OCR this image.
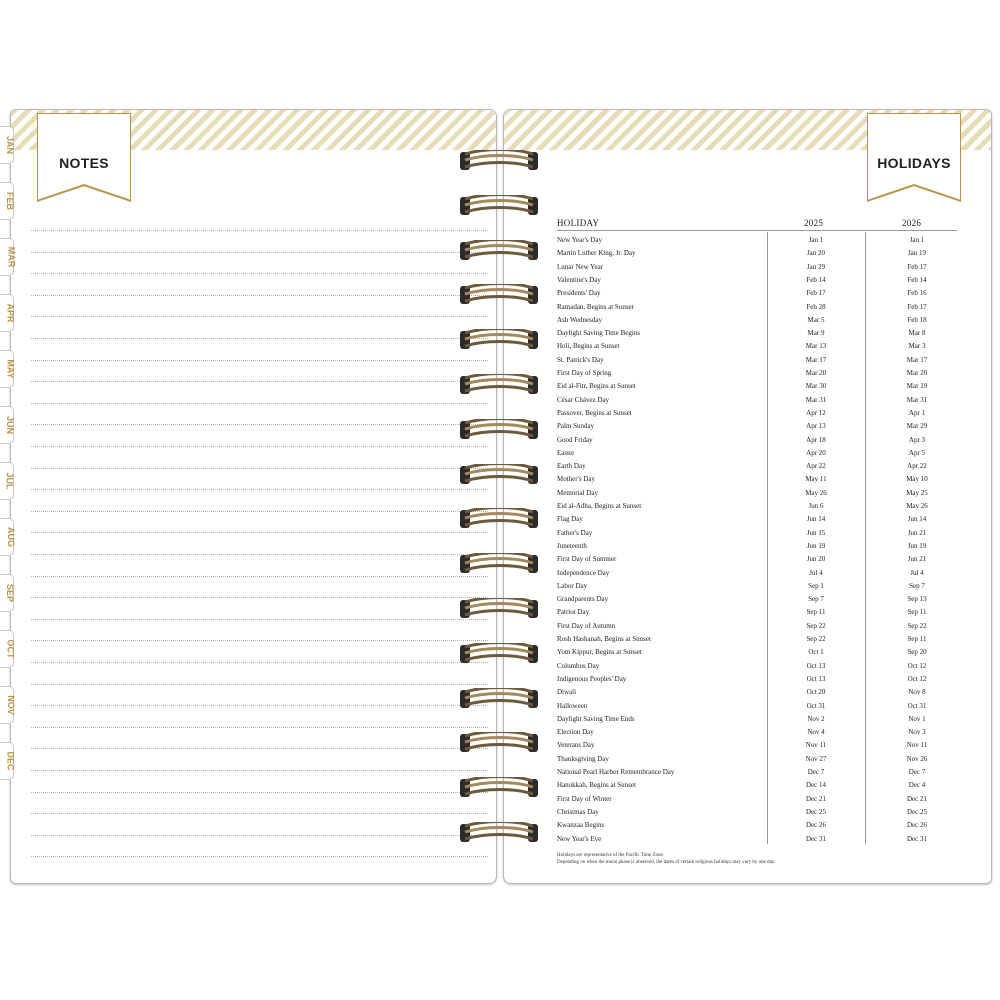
NOTES
JAN
FEB
MAR
APR
MAY
JUN
JUL
AUG
SEP
OCT
NOV
DEC
HOLIDAYS
HOLIDAY	2025	2026
New Year's Day	Jan 1	Jan 1
Martin Luther King, Jr. Day	Jan 20	Jan 19
Lunar New Year	Jan 29	Feb 17
Valentine's Day	Feb 14	Feb 14
Presidents' Day	Feb 17	Feb 16
Ramadan, Begins at Sunset	Feb 28	Feb 17
Ash Wednesday	Mar 5	Feb 18
Daylight Saving Time Begins	Mar 9	Mar 8
Holi, Begins at Sunset	Mar 13	Mar 3
St. Patrick's Day	Mar 17	Mar 17
First Day of Spring	Mar 20	Mar 20
Eid al-Fitr, Begins at Sunset	Mar 30	Mar 19
César Chávez Day	Mar 31	Mar 31
Passover, Begins at Sunset	Apr 12	Apr 1
Palm Sunday	Apr 13	Mar 29
Good Friday	Apr 18	Apr 3
Easter	Apr 20	Apr 5
Earth Day	Apr 22	Apr 22
Mother's Day	May 11	May 10
Memorial Day	May 26	May 25
Eid al-Adha, Begins at Sunset	Jun 6	May 26
Flag Day	Jun 14	Jun 14
Father's Day	Jun 15	Jun 21
Juneteenth	Jun 19	Jun 19
First Day of Summer	Jun 20	Jun 21
Independence Day	Jul 4	Jul 4
Labor Day	Sep 1	Sep 7
Grandparents Day	Sep 7	Sep 13
Patriot Day	Sep 11	Sep 11
First Day of Autumn	Sep 22	Sep 22
Rosh Hashanah, Begins at Sunset	Sep 22	Sep 11
Yom Kippur, Begins at Sunset	Oct 1	Sep 20
Columbus Day	Oct 13	Oct 12
Indigenous Peoples' Day	Oct 13	Oct 12
Diwali	Oct 20	Nov 8
Halloween	Oct 31	Oct 31
Daylight Saving Time Ends	Nov 2	Nov 1
Election Day	Nov 4	Nov 3
Veterans Day	Nov 11	Nov 11
Thanksgiving Day	Nov 27	Nov 26
National Pearl Harbor Remembrance Day	Dec 7	Dec 7
Hanukkah, Begins at Sunset	Dec 14	Dec 4
First Day of Winter	Dec 21	Dec 21
Christmas Day	Dec 25	Dec 25
Kwanzaa Begins	Dec 26	Dec 26
New Year's Eve	Dec 31	Dec 31
Holidays are representative of the Pacific Time Zone.
Depending on when the moon phase is observed, the dates of certain religious holidays may vary by one day.
